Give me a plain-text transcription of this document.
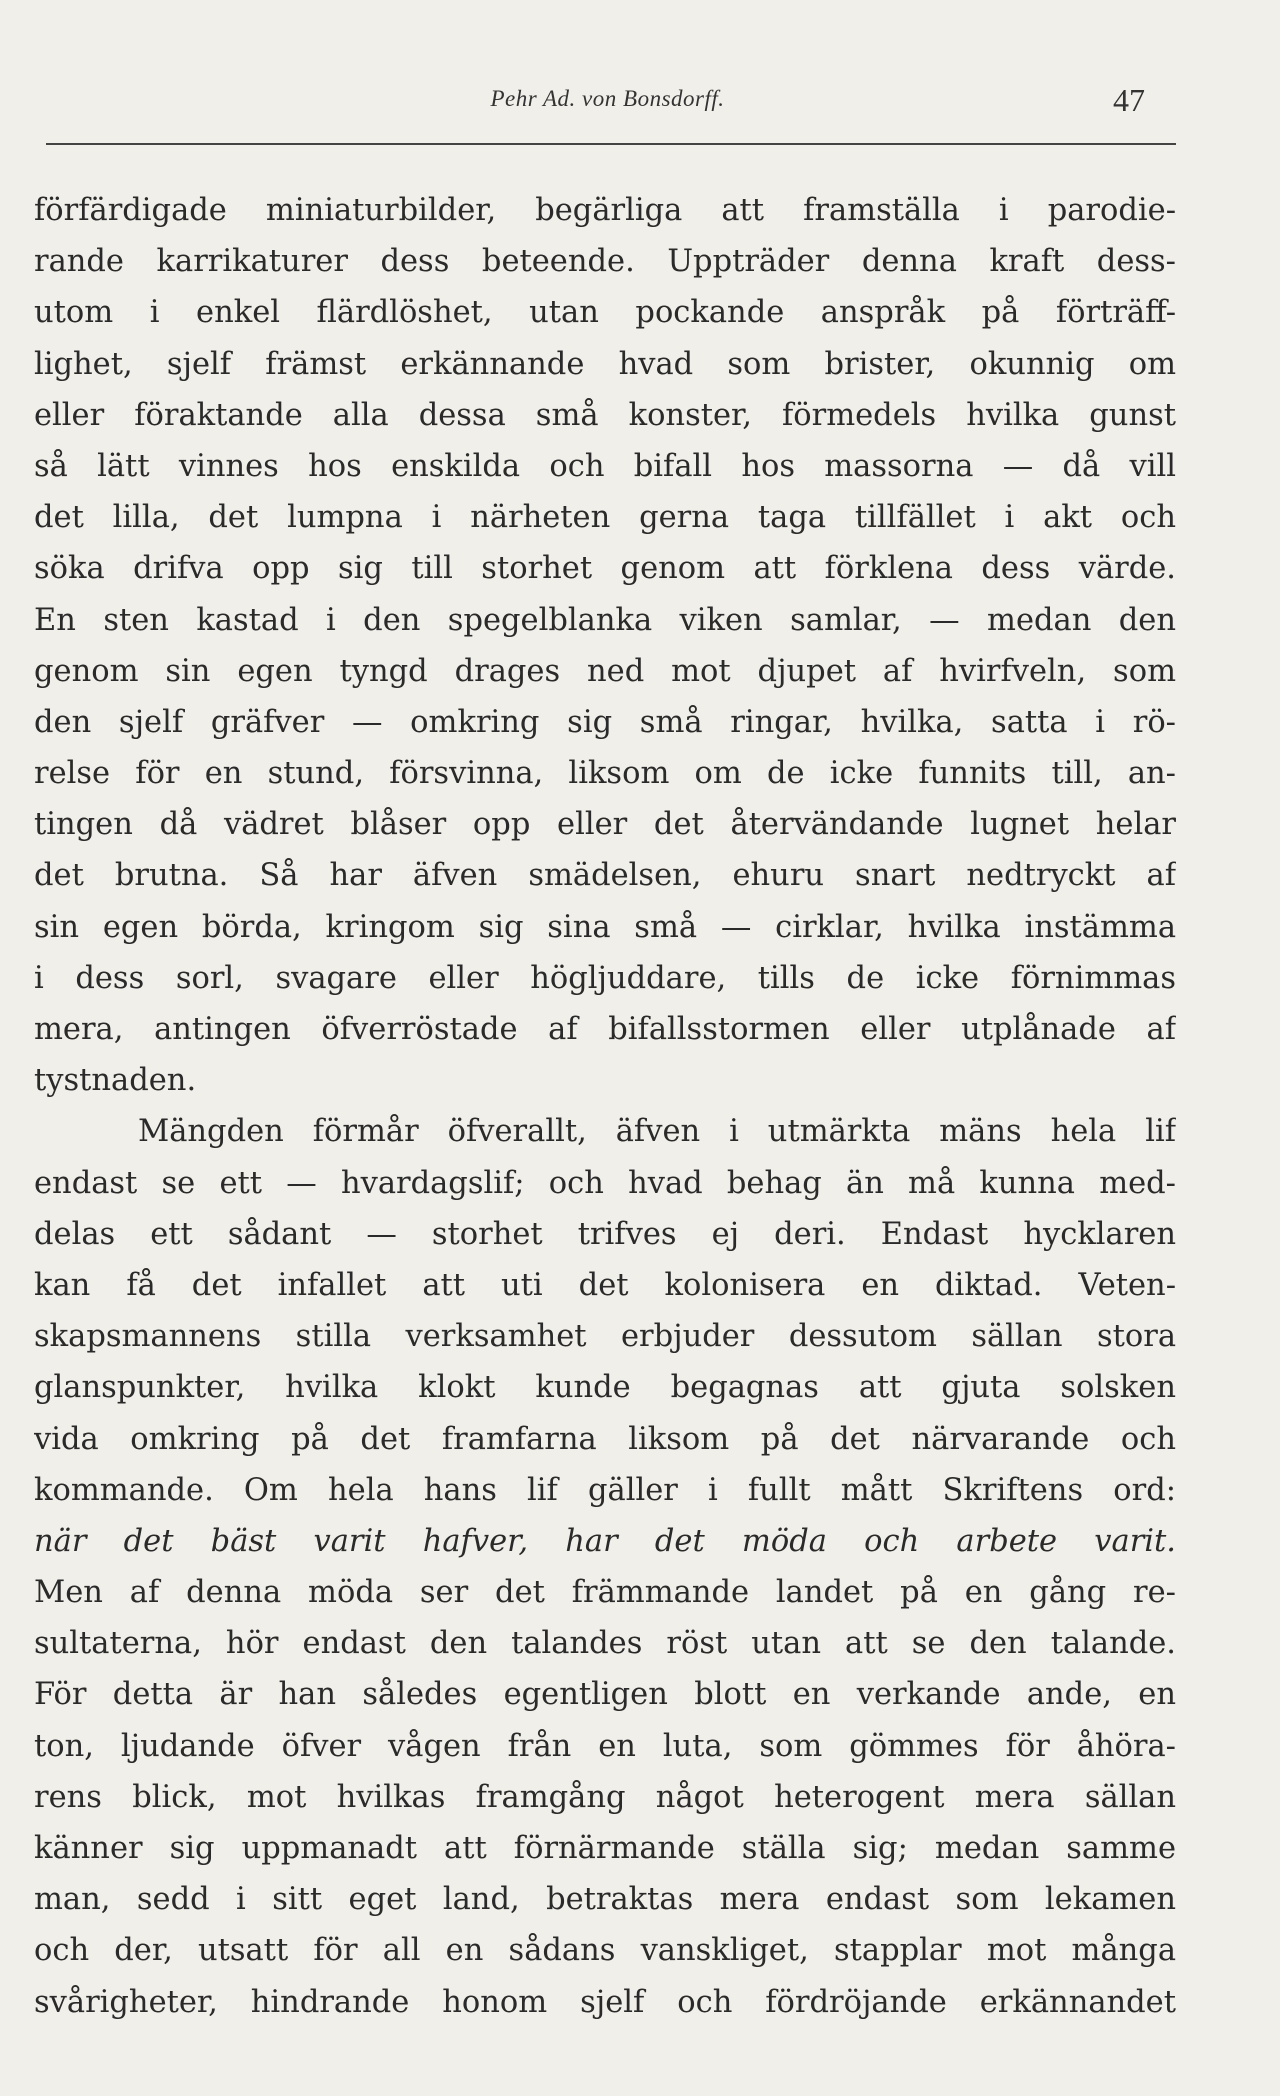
Pehr Ad. von Bonsdorff.	47
förfärdigade miniaturbilder, begärliga att framställa i parodie-
rande karrikaturer dess beteende. Uppträder denna kraft dess-
utom i enkel flärdlöshet, utan pockande anspråk på förträff-
lighet, sjelf främst erkännande hvad som brister, okunnig om
eller föraktande alla dessa små konster, förmedels hvilka gunst
så lätt vinnes hos enskilda och bifall hos massorna — då vill
det lilla, det lumpna i närheten gerna taga tillfället i akt och
söka drifva opp sig till storhet genom att förklena dess värde.
En sten kastad i den spegelblanka viken samlar, — medan den
genom sin egen tyngd drages ned mot djupet af hvirfveln, som
den sjelf gräfver — omkring sig små ringar, hvilka, satta i rö-
relse för en stund, försvinna, liksom om de icke funnits till, an-
tingen då vädret blåser opp eller det återvändande lugnet helar
det brutna. Så har äfven smädelsen, ehuru snart nedtryckt af
sin egen börda, kringom sig sina små — cirklar, hvilka instämma
i dess sorl, svagare eller högljuddare, tills de icke förnimmas
mera, antingen öfverröstade af bifallsstormen eller utplånade af
tystnaden.
Mängden förmår öfverallt, äfven i utmärkta mäns hela lif
endast se ett — hvardagslif; och hvad behag än må kunna med-
delas ett sådant — storhet trifves ej deri. Endast hycklaren
kan få det infallet att uti det kolonisera en diktad. Veten-
skapsmannens stilla verksamhet erbjuder dessutom sällan stora
glanspunkter, hvilka klokt kunde begagnas att gjuta solsken
vida omkring på det framfarna liksom på det närvarande och
kommande. Om hela hans lif gäller i fullt mått Skriftens ord:
när det bäst varit hafver, har det möda och arbete varit.
Men af denna möda ser det främmande landet på en gång re-
sultaterna, hör endast den talandes röst utan att se den talande.
För detta är han således egentligen blott en verkande ande, en
ton, ljudande öfver vågen från en luta, som gömmes för åhöra-
rens blick, mot hvilkas framgång något heterogent mera sällan
känner sig uppmanadt att förnärmande ställa sig; medan samme
man, sedd i sitt eget land, betraktas mera endast som lekamen
och der, utsatt för all en sådans vanskliget, stapplar mot många
svårigheter, hindrande honom sjelf och fördröjande erkännandet
